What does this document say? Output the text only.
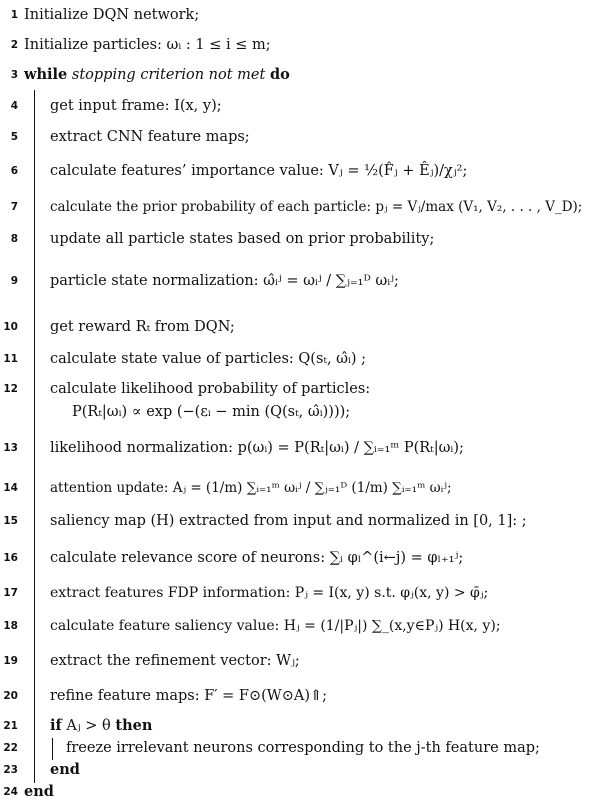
1 Initialize DQN network;
2 Initialize particles: ωᵢ : 1 ≤ i ≤ m;
3 while stopping criterion not met do
4 get input frame: I(x, y);
5 extract CNN feature maps;
6 calculate features’ importance value: Vⱼ = ½(F̂ⱼ + Êⱼ)/χⱼ²;
7 calculate the prior probability of each particle: pⱼ = Vⱼ/max (V₁, V₂, . . . , V_D);
8 update all particle states based on prior probability;
9 particle state normalization: ω̂ᵢʲ = ωᵢʲ / ∑ⱼ₌₁ᴰ ωᵢʲ;
10 get reward Rₜ from DQN;
11 calculate state value of particles: Q(sₜ, ω̂ᵢ) ;
12 calculate likelihood probability of particles:
P(Rₜ|ωᵢ) ∝ exp (−(εᵢ − min (Q(sₜ, ω̂ᵢ))));
13 likelihood normalization: p(ωᵢ) = P(Rₜ|ωᵢ) / ∑ᵢ₌₁ᵐ P(Rₜ|ωᵢ);
14 attention update: Aⱼ = (1/m) ∑ᵢ₌₁ᵐ ωᵢʲ / ∑ⱼ₌₁ᴰ (1/m) ∑ᵢ₌₁ᵐ ωᵢʲ;
15 saliency map (H) extracted from input and normalized in [0, 1]: ;
16 calculate relevance score of neurons: ∑ᵢ φₗ^(i←j) = φₗ₊₁ʲ;
17 extract features FDP information: Pⱼ = I(x, y) s.t. φⱼ(x, y) > φ̄ⱼ;
18 calculate feature saliency value: Hⱼ = (1/|Pⱼ|) ∑_(x,y∈Pⱼ) H(x, y);
19 extract the refinement vector: Wⱼ;
20 refine feature maps: F′ = F⊙(W⊙A)⇑;
21 if Aⱼ > θ then
22	freeze irrelevant neurons corresponding to the j-th feature map;
23 end
24 end
